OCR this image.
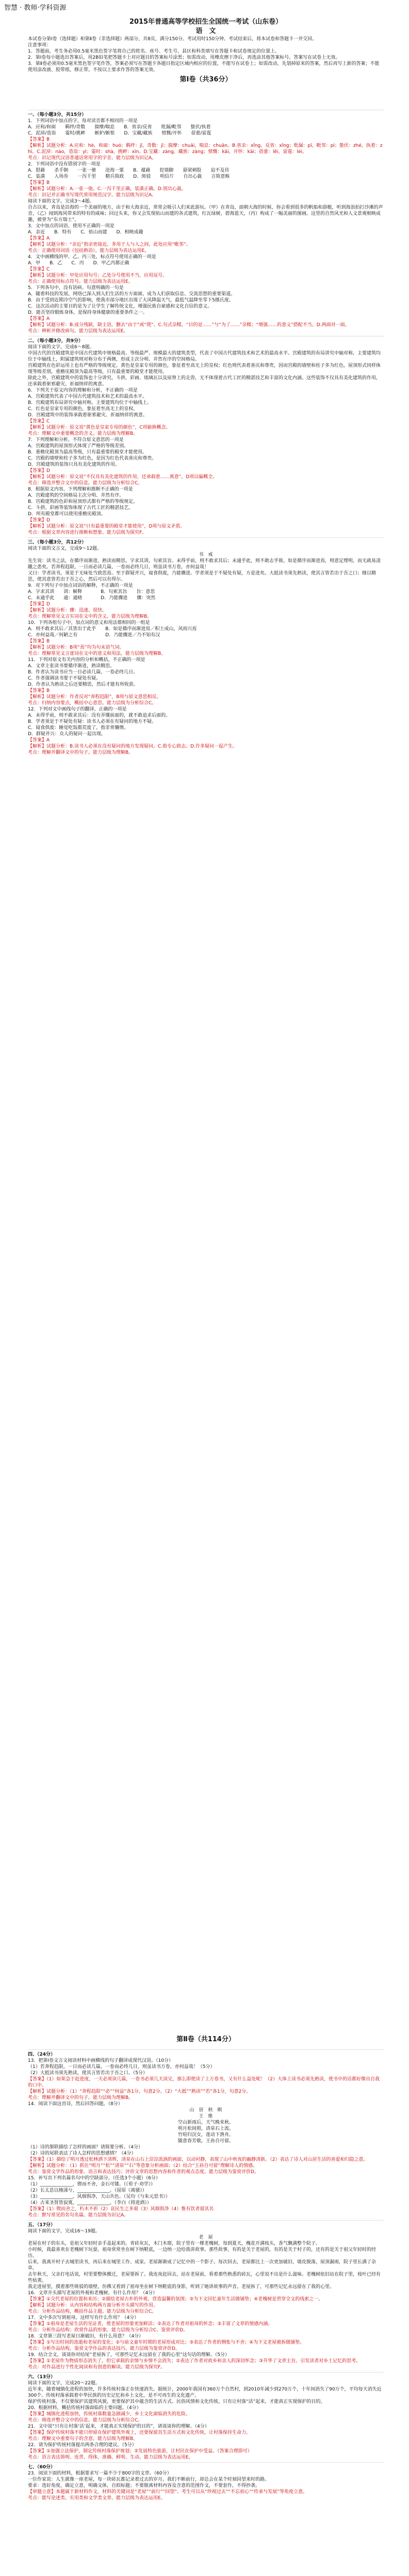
智慧 · 教师·学科资源

2015年普通高等学校招生全国统一考试（山东卷）

语　文

本试卷分第Ⅰ卷（选择题）和第Ⅱ卷（非选择题）两部分，共8页，满分150分。考试用时150分钟。考试结束后，将本试卷和答题卡一并交回。

注意事项：

1．答题前，考生务必用0.5毫米黑色签字笔将自己的姓名、座号、考生号、县区和科类填写在答题卡和试卷规定的位置上。

2．第Ⅰ卷每小题选出答案后，用2B铅笔把答题卡上对应题目的答案标号涂黑；如需改动，用橡皮擦干净后，再选涂其他答案标号。答案写在试卷上无效。

3．第Ⅱ卷必须用0.5毫米黑色签字笔作答，答案必须写在答题卡各题目指定区域内相应的位置，不能写在试卷上；如需改动，先划掉原来的答案，然后再写上新的答案；不能使用涂改液、胶带纸、修正带。不按以上要求作答的答案无效。

第Ⅰ卷（共36分）

一、（每小题3分，共15分）

1．下列词语中加点的字，每对读音都不相同的一项是

A．应和/和面　　羁绊/奇数　　揣摩/喘息　　B．省亲/反省　　纰漏/毗邻　　蛰伏/执着

C．泥淖/造诣　　霎时/挑衅　　嫉妒/嫉恨　　D．宝藏/藏族　　愤慨/开怀　　蓓蕾/雷霆

【答案】B

【解析】试题分析：A.应和：hè，和面：huó；羁绊：jī，奇数：jī；揣摩：chuǎi，喘息：chuǎn。B.省亲：xǐng，反省：xǐng；纰漏：pī，毗邻：pí；蛰伏：zhé，执着：zhí。C.泥淖：nào，造诣：yì；霎时：shà，挑衅：xìn。D.宝藏：zàng，藏族：zàng；愤慨：kǎi，开怀：kāi；蓓蕾：lěi，雷霆：léi。

考点：识记现代汉语普通话常用字的字音。能力层级为识记A。

2．下列词语中没有错别字的一项是

A．慰藉　　杀手锏　　一张一驰　　沧海一粟　　B．蕴藉　　挖墙脚　　悬梁刺股　　迫不及待

C．装潢　　入场券　　一泻千里　　精兵简政　　D．斑驳　　明信片　　自出心裁　　言简意赅

【答案】B

【解析】试题分析：A.一张一弛。C.一泻千里正确，装潢正确。D.别出心裁。

考点：识记并正确书写现代常用规范汉字。能力层级为识记A。

阅读下面的文字，完成3～4题。

自古以来，青岛是沿海的一个美丽的地方，由于和大海亲近，常常会吸引人们来此游玩。（甲）在青岛，面朝大海的时候，你会看到很多的帆船和游艇，听到海浪拍打沙滩的声音，（乙）闻到海风带来的特有的咸味；回过头来，你又会发现依山而建的各式建筑，红瓦绿树，碧海蓝天，（丙）构成了一幅美丽的图画。这里的自然风光和人文景观相映成趣，被誉为“东方瑞士”。

3．文中加点的词语，使用不正确的一项是

A．亲近　　B．特有　　C．依山而建　　D．相映成趣

【答案】A

【解析】试题分析：“亲近”指亲密接近，多用于人与人之间，此处应用“毗邻”。

考点：正确使用词语（包括熟语）。能力层级为表达运用E。

4．文中画横线的甲、乙、丙三处，标点符号使用正确的一项是

A．甲　　B．乙　　C．丙　　D．甲乙丙都正确

【答案】C

【解析】试题分析：甲处应用句号；乙处分号使用不当，应用逗号。

考点：正确使用标点符号。能力层级为表达运用E。

5．下列各句中，没有语病、句意明确的一句是

A．随着科技的发展，网络已深入到人们生活的方方面面，成为人们获取信息、交流思想的重要渠道。

B．由于受到近期冷空气的影响，使我市部分地区出现了大风降温天气，最低气温降至零下5摄氏度。

C．这次活动的主要目的是为了让学生了解传统文化，增强民族自豪感和文化自信的意义。

D．能否坚持锻炼身体，是保持身体健康的重要条件之一。

【答案】A

【解析】试题分析：B.成分残缺，缺主语，删去“由于”或“使”。C.句式杂糅，“目的是……”与“为了……”杂糅；“增强……的意义”搭配不当。D.两面对一面。

考点：辨析并修改病句。能力层级为表达运用E。

二、（每小题3分，共9分）

阅读下面的文字，完成6～8题。

中国古代的宫殿建筑是中国古代建筑中规格最高、等级最严、规模最大的建筑类型，代表了中国古代建筑技术和艺术的最高水平。宫殿建筑的布局讲究中轴对称，主要建筑均位于中轴线上，附属建筑则对称分布于两侧，形成主次分明、井然有序的空间格局。

宫殿建筑在色彩运用上也有严格的等级规定。黄色是皇家专用的颜色，象征着至高无上的皇权；红色则代表着喜庆和尊贵，因而宫殿的墙壁和柱子多为红色。屋顶形式同样体现等级差别，重檐庑殿顶为最高等级，只有最重要的殿堂才能使用。

除此之外，宫殿建筑中的装饰也十分讲究，斗拱、彩画、琉璃瓦以及屋脊上的走兽，无不体现着古代工匠的精湛技艺和丰富的文化内涵。这些装饰不仅具有美化建筑的作用，还承载着驱邪避灾、祈福纳祥的寓意。

6．下列关于原文内容的理解和分析，不正确的一项是

A．宫殿建筑代表了中国古代建筑技术和艺术的最高水平。

B．宫殿建筑布局讲究中轴对称，主要建筑均位于中轴线上。

C．红色是皇家专用的颜色，象征着至高无上的皇权。

D．宫殿建筑中的装饰承载着驱邪避灾、祈福纳祥的寓意。

【答案】C

【解析】试题分析：原文说“黄色是皇家专用的颜色”，C项偷换概念。

考点：理解文中重要概念的含义。能力层级为理解B。

7．下列理解和分析，不符合原文意思的一项是

A．宫殿建筑的屋顶形式体现了严格的等级差别。

B．重檐庑殿顶为最高等级，只有最重要的殿堂才能使用。

C．宫殿的墙壁和柱子多为红色，是因为红色代表喜庆和尊贵。

D．宫殿建筑的装饰只具有美化建筑的作用。

【答案】D

【解析】试题分析：原文说“不仅具有美化建筑的作用，还承载着……寓意”，D项以偏概全。

考点：筛选并整合文中的信息。能力层级为分析综合C。

8．根据原文内容，下列理解和推断不正确的一项是

A．宫殿建筑的空间格局主次分明、井然有序。

B．宫殿建筑的色彩和屋顶形式都有严格的等级规定。

C．斗拱、彩画等装饰体现了古代工匠的精湛技艺。

D．所有殿堂都可以使用重檐庑殿顶。

【答案】D

【解析】试题分析：原文说“只有最重要的殿堂才能使用”，D项与原文矛盾。

考点：根据文章内容进行推断和想象。能力层级为探究F。

三、（每小题3分，共12分）

阅读下面的文言文，完成9～12题。

书　戒

先生说：读书之法，在循序而渐进，熟读而精思。字求其训，句索其旨。未得乎前，则不敢求其后；未通乎此，则不敢志乎彼。如是循序而渐进焉，则意定理明，而无疏易凌躐之患矣。若奔程趋限，一日而必读几篇，一卷而必终几日，则虽读书万卷，亦何益哉！

又曰：学者读书，须是于无味处当致思焉。至于群疑并兴，寝食俱废，乃能骤进。学者须是于不疑处有疑，方是进矣。大抵读书须先熟读，使其言皆若出于吾之口；继以精思，使其意皆若出于吾之心，然后可以有得尔。

9．对下列句子中加点词语的解释，不正确的一项是

A．字求其训　　训：解释　　　　B．句索其旨　　旨：意思

C．未通乎此　　通：通晓　　　　D．乃能骤进　　骤：突然

【答案】D

【解析】试题分析：骤：迅速、很快。

考点：理解常见文言实词在文中的含义。能力层级为理解B。

10．下列各组句子中，加点词的意义和用法都相同的一组是

A．则不敢求其后／其皆出于此乎　　B．如是循序而渐进焉／积土成山，风雨兴焉

C．亦何益哉／何陋之有　　　　　　D．乃能骤进／乃不知有汉

【答案】B

【解析】试题分析：B项“焉”均为句末语气词。

考点：理解常见文言虚词在文中的意义和用法。能力层级为理解B。

11．下列对原文有关内容的分析和概括，不正确的一项是

A．文章主张读书要循序渐进，熟读精思。

B．作者认为读书应当一日必读几篇，一卷必终几日。

C．作者强调读书要于不疑处有疑。

D．作者认为熟读之后还要精思，然后才能有所收获。

【答案】B

【解析】试题分析：作者反对“奔程趋限”，B项与原文意思相反。

考点：归纳内容要点，概括中心意思。能力层级为分析综合C。

12．下列对文中画线句子的翻译，正确的一项是

A．未得乎前，则不敢求其后：没有弄懂前面的，就不敢追求后面的。

B．学者须是于不疑处有疑：读书人必须在有疑问的地方不疑。

C．寝食俱废：睡觉吃饭都荒废了，指非常懒惰。

D．群疑并兴：众人的疑问一起出现。

【答案】A

【解析】试题分析：B.读书人必须在没有疑问的地方发现疑问。C.指专心致志。D.许多疑问一起产生。

考点：理解并翻译文中的句子。能力层级为理解B。

第Ⅱ卷（共114分）

四、（24分）

13．把第Ⅰ卷文言文阅读材料中画横线的句子翻译成现代汉语。（10分）

（1）若奔程趋限，一日而必读几篇，一卷而必终几日，则虽读书万卷，亦何益哉！（5分）

（2）大抵读书须先熟读，使其言皆若出于吾之口。（5分）

【答案】（1）如果急于赶进度，一天必须读几篇，一卷书必须几天读完，那么即使读了上万卷书，又有什么益处呢！（2）大体上读书必须先熟读，使书中的话都好像出自我的口中。

【解析】试题分析：（1）“奔程趋限”“必”“何益”各1分，句意2分。（2）“大抵”“熟读”“若”各1分，句意2分。

考点：理解并翻译文中的句子。能力层级为理解B。

14．阅读下面这首诗，然后回答问题。（8分）

山　居　秋　暝

王　维

空山新雨后，天气晚来秋。

明月松间照，清泉石上流。

竹喧归浣女，莲动下渔舟。

随意春芳歇，王孙自可留。

（1）诗的颔联描绘了怎样的画面？请简要分析。（4分）

（2）诗的尾联表达了诗人怎样的思想感情？（4分）

【答案】（1）描绘了明月透过松林洒下清辉，清泉在山石上淙淙流淌的画面，以动衬静，表现了山中秋夜的幽静清新。（2）表达了诗人对山居生活的喜爱和归隐之意。

【解析】试题分析：（1）抓住“明月”“松”“清泉”“石”等意象分析画面；（2）结合“王孙自可留”理解诗人的情感。

考点：鉴赏文学作品的形象、语言和表达技巧；评价文章的思想内容和作者的观点态度。能力层级为鉴赏评价D。

15．补写出下列名篇名句中的空缺部分。（任选3个小题）（6分）

（1）______________，锲而不舍，金石可镂。（《荀子·劝学》）

（2）长太息以掩涕兮，______________。（屈原《离骚》）

（3）______________，风烟俱净，天山共色。（吴均《与朱元思书》）

（4）古来圣贤皆寂寞，______________。（李白《将进酒》）

【答案】（1）锲而舍之，朽木不折（2）哀民生之多艰（3）风烟俱净（4）惟有饮者留其名

考点：默写常见的名句名篇。能力层级为识记A。

五、（17分）

阅读下面的文字，完成16～19题。

老　屋

老屋在村子的东头，是祖父年轻时亲手盖起来的。青砖灰瓦，木门木窗，院子里有一棵老槐树，每到夏天，槐花开满枝头，香气飘满整个院子。

小时候，我最喜欢在老槐树下玩耍。祖母常常坐在树下纳鞋底，一边纳一边给我讲故事。那些故事，有的是关于老屋的，有的是关于村子的，还有的是关于祖父年轻时的经历。

后来，我离开村子去城里读书，再后来在城里工作、成家。老屋渐渐成了记忆中的一个影子。每次回去，老屋都比上一次更加破旧，墙皮脱落，屋顶漏雨，院子里长满了杂草。

去年秋天，父亲打电话说，村里要整体搬迁，老屋要拆了。我连夜赶回去，站在老屋前，看着那些熟悉的砖瓦，心里说不出是什么滋味。老槐树依旧站在院子里，枝叶已经有些枯黄。

我走进屋里，摸着那些斑驳的墙壁，仿佛又看到了祖母坐在树下纳鞋底的身影，听到了她讲故事的声音。老屋拆了，可那些记忆永远留在了我的心里。

16．文章开头描写老屋的外观和老槐树，有什么作用？（4分）

【答案】①交代老屋的位置和来历；②描绘老屋古朴的外观，营造温馨的氛围；③为下文回忆童年生活做铺垫；④老槐树是贯穿全文的线索之一。

【解析】试题分析：从内容和结构两方面分析开头描写的作用。

考点：分析作品结构，概括作品主题。能力层级为分析综合C。

17．文中多次写到祖母，这样写有什么作用？（4分）

【答案】①祖母是老屋生活的见证者，使老屋的形象更加鲜活；②表达了作者对祖母的怀念；③丰富了文章的情感内涵。

考点：分析作品结构；欣赏作品的形象。能力层级为分析综合C、鉴赏评价D。

18．文章第三段写老屋日渐破旧，有什么用意？（4分）

【答案】①写出时间的流逝和老屋的变化；②与前文童年时期的老屋形成对比；③表达了作者的惆怅与不舍；④为下文老屋被拆做铺垫。

考点：分析作品结构，鉴赏文学作品的表达技巧。能力层级为鉴赏评价D。

19．结合全文，谈谈你对结尾“老屋拆了，可那些记忆永远留在了我的心里”这句话的理解。（5分）

【答案】①老屋作为物质形态消失了，但它承载的亲情与乡情不会消失；②表达了作者对故乡和亲人的深切怀念；③升华了文章主旨，引发读者对乡土记忆的思考。

考点：对作品进行个性化阅读和有创意的解读。能力层级为探究F。

六、（13分）

阅读下面的文字，完成20～22题。

近年来，随着城镇化进程的加快，许多传统村落正在快速消失。据统计，2000年我国有360万个自然村，到2010年减少到270万个，十年间消失了90万个，平均每天消失近300个。传统村落承载着中华民族的历史记忆和乡土文化，是不可再生的文化遗产。

保护传统村落，不仅要保护其建筑风貌，更要保护其中蕴含的生活方式、民俗风情和文化传统。只有让村落“活”起来，才能真正实现保护的目的。

20．根据材料，概括传统村落面临的主要问题。（4分）

【答案】城镇化进程加快，传统村落数量急剧减少，乡土文化面临消失的危险。

考点：筛选并整合文中的信息。能力层级为分析综合C。

21．文中说“只有让村落‘活’起来，才能真正实现保护的目的”，请谈谈你的理解。（4分）

【答案】保护传统村落不能只停留在保护建筑外观上，还要保留其生活方式和文化传统，让村落保持生命力。

考点：理解文中重要句子的含意。能力层级为理解B。

22．请为保护传统村落提出两条合理的建议。（5分）

【答案】①加强立法保护，制定传统村落保护规划；②发展特色旅游，让村民在保护中受益。（答案合理即可）

考点：语言表达简明、连贯、得体，准确、鲜明、生动。能力层级为表达运用E。

七、（60分）

23．阅读下面的材料，根据要求写一篇不少于800字的文章。（60分）

一位作家说：人生就像一座老屋，每一块砖瓦都记录着过去的岁月。我们不断前行，却总会在某个时刻回望来时的路。

要求：选好角度，确定立意，明确文体，自拟标题；不要脱离材料内容及含意的范围作文，不要套作，不得抄袭。

【审题立意】本题属于新材料作文。材料的关键词是“老屋”“前行”“回望”。考生可以从“珍视过去”“不忘初心”“传承与发展”等角度立意。

考点：能写论述类、实用类和文学类文章。能力层级为表达运用E。
